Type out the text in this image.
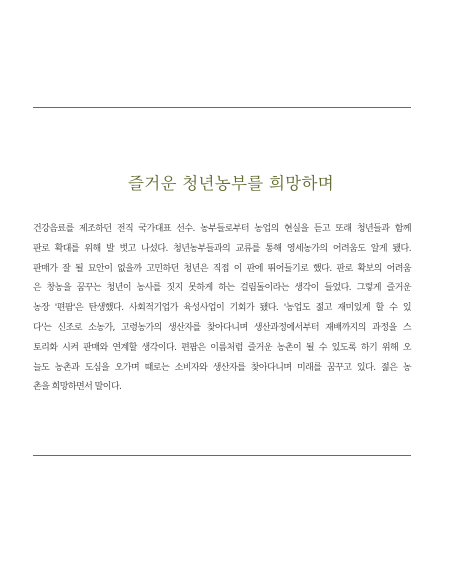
즐거운 청년농부를 희망하며
건강음료를 제조하던 전직 국가대표 선수. 농부들로부터 농업의 현실을 듣고 또래 청년들과 함께
판로 확대를 위해 발 벗고 나섰다. 청년농부들과의 교류를 통해 영세농가의 어려움도 알게 됐다.
판매가 잘 될 묘안이 없을까 고민하던 청년은 직접 이 판에 뛰어들기로 했다. 판로 확보의 어려움
은 창농을 꿈꾸는 청년이 농사를 짓지 못하게 하는 걸림돌이라는 생각이 들었다. 그렇게 즐거운
농장 '편팜'은 탄생했다. 사회적기업가 육성사업이 기회가 됐다. '농업도 젊고 재미있게 할 수 있
다'는 신조로 소농가, 고령농가의 생산자를 찾아다니며 생산과정에서부터 재배까지의 과정을 스
토리화 시켜 판매와 연계할 생각이다. 편팜은 이름처럼 즐거운 농촌이 될 수 있도록 하기 위해 오
늘도 농촌과 도심을 오가며 때로는 소비자와 생산자를 찾아다니며 미래를 꿈꾸고 있다. 젊은 농
촌을 희망하면서 말이다.
